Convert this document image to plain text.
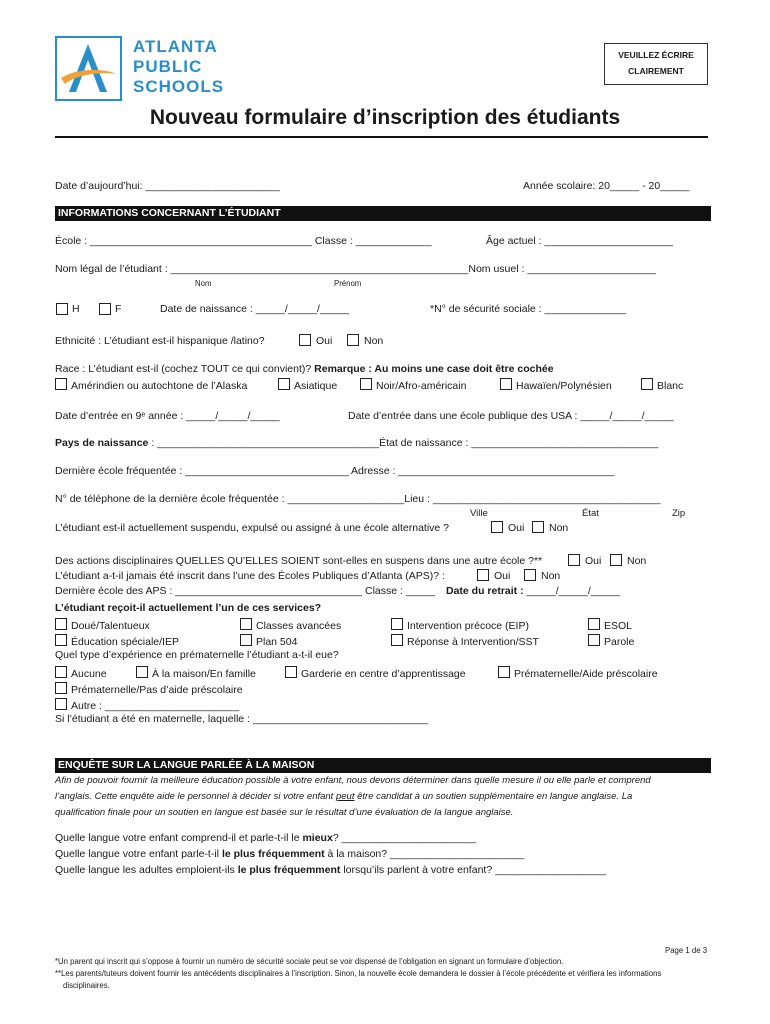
ATLANTA
PUBLIC
SCHOOLS
VEUILLEZ ÉCRIRE CLAIREMENT
Nouveau formulaire d’inscription des étudiants
Date d’aujourd’hui: _______________________	Année scolaire: 20_____ - 20_____
INFORMATIONS CONCERNANT L’ÉTUDIANT
École : ______________________________________ Classe : _____________	Âge actuel : ______________________
Nom légal de l’étudiant : ___________________________________________________Nom usuel : ______________________
Nom	Prénom
H	F	Date de naissance : _____/_____/_____	*N° de sécurité sociale : ______________
Ethnicité : L’étudiant est-il hispanique /latino?	Oui	Non
Race : L’étudiant est-il (cochez TOUT ce qui convient)? Remarque : Au moins une case doit être cochée
Amérindien ou autochtone de l’Alaska	Asiatique	Noir/Afro-américain	Hawaïen/Polynésien	Blanc
Date d’entrée en 9ᵉ année : _____/_____/_____	Date d’entrée dans une école publique des USA : _____/_____/_____
Pays de naissance : ______________________________________État de naissance : ________________________________
Dernière école fréquentée : ____________________________ Adresse : _____________________________________
N° de téléphone de la dernière école fréquentée : ____________________Lieu : _______________________________________
Ville	État	Zip
L’étudiant est-il actuellement suspendu, expulsé ou assigné à une école alternative ?	Oui Non
Des actions disciplinaires QUELLES QU’ELLES SOIENT sont-elles en suspens dans une autre école ?**	Oui Non
L’étudiant a-t-il jamais été inscrit dans l’une des Écoles Publiques d’Atlanta (APS)? :	Oui	Non
Dernière école des APS : ________________________________ Classe : _____ Date du retrait : _____/_____/_____
L’étudiant reçoit-il actuellement l’un de ces services?
Doué/Talentueux	Classes avancées	Intervention précoce (EIP)	ESOL
Éducation spéciale/IEP	Plan 504	Réponse à Intervention/SST	Parole
Quel type d’expérience en prématernelle l’étudiant a-t-il eue?
Aucune	À la maison/En famille	Garderie en centre d’apprentissage	Prématernelle/Aide préscolaire
Prématernelle/Pas d’aide préscolaire
Autre : _______________________
Si l’étudiant a été en maternelle, laquelle : ______________________________
ENQUÊTE SUR LA LANGUE PARLÉE À LA MAISON
Afin de pouvoir fournir la meilleure éducation possible à votre enfant, nous devons déterminer dans quelle mesure il ou elle parle et comprend
l’anglais. Cette enquête aide le personnel à décider si votre enfant peut être candidat à un soutien supplémentaire en langue anglaise. La
qualification finale pour un soutien en langue est basée sur le résultat d’une évaluation de la langue anglaise.
Quelle langue votre enfant comprend-il et parle-t-il le mieux? _______________________
Quelle langue votre enfant parle-t-il le plus fréquemment à la maison? _______________________
Quelle langue les adultes emploient-ils le plus fréquemment lorsqu’ils parlent à votre enfant? ___________________
Page 1 de 3
*Un parent qui inscrit qui s’oppose à fournir un numéro de sécurité sociale peut se voir dispensé de l’obligation en signant un formulaire d’objection.
**Les parents/tuteurs doivent fournir les antécédents disciplinaires à l’inscription. Sinon, la nouvelle école demandera le dossier à l’école précédente et vérifiera les informations
disciplinaires.
